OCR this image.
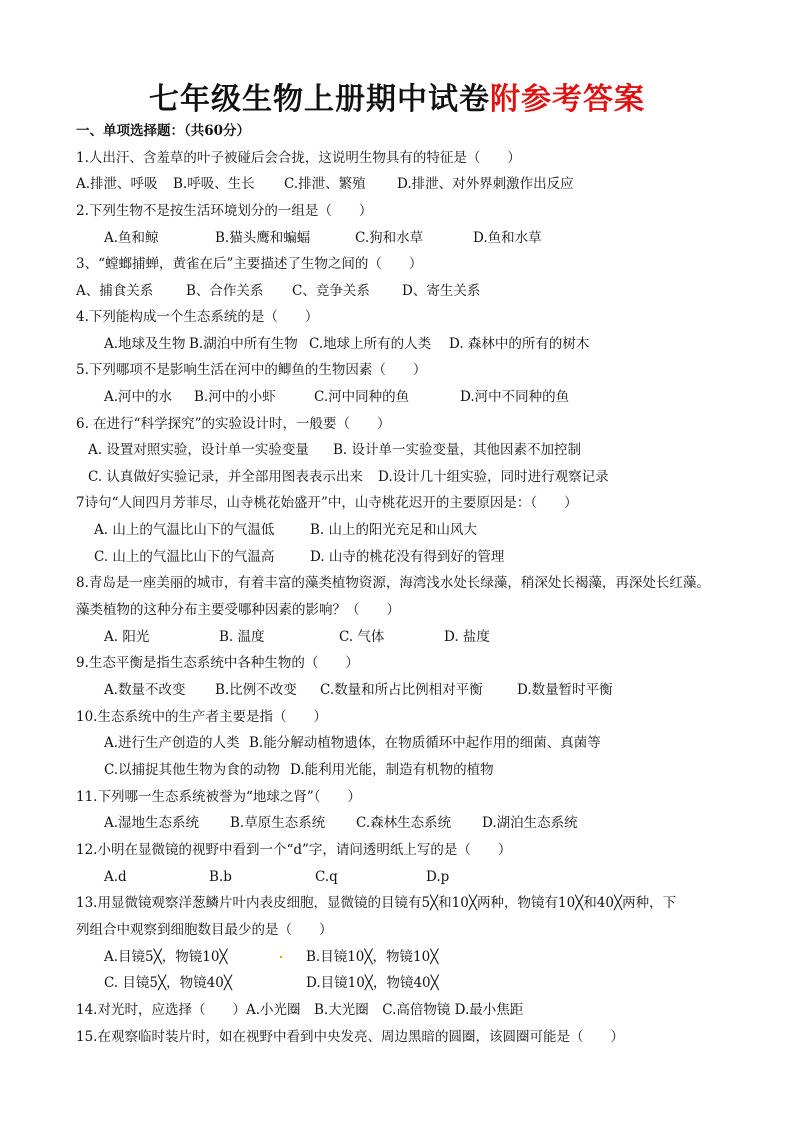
七年级生物上册期中试卷附参考答案
一、单项选择题：（共60分）
1.人出汗、含羞草的叶子被碰后会合拢，这说明生物具有的特征是（　　）
A.排泄、呼吸 B.呼吸、生长 C.排泄、繁殖 D.排泄、对外界刺激作出反应
2.下列生物不是按生活环境划分的一组是（　　）
A.鱼和鲸	B.猫头鹰和蝙蝠	C.狗和水草	D.鱼和水草
3、“螳螂捕蝉，黄雀在后”主要描述了生物之间的（　　）
A、捕食关系 B、合作关系 C、竞争关系 D、寄生关系
4.下列能构成一个生态系统的是（　　）
A.地球及生物 B.湖泊中所有生物 C.地球上所有的人类 D. 森林中的所有的树木
5.下列哪项不是影响生活在河中的鲫鱼的生物因素（　　）
A.河中的水 B.河中的小虾	C.河中同种的鱼	D.河中不同种的鱼
6. 在进行“科学探究”的实验设计时，一般要（　　）
A. 设置对照实验，设计单一实验变量 B. 设计单一实验变量，其他因素不加控制
C. 认真做好实验记录，并全部用图表表示出来 D.设计几十组实验，同时进行观察记录
7诗句“人间四月芳菲尽，山寺桃花始盛开”中，山寺桃花迟开的主要原因是：（　　）
A. 山上的气温比山下的气温低	B. 山上的阳光充足和山风大
C. 山上的气温比山下的气温高	D. 山寺的桃花没有得到好的管理
8.青岛是一座美丽的城市，有着丰富的藻类植物资源，海湾浅水处长绿藻，稍深处长褐藻，再深处长红藻。
藻类植物的这种分布主要受哪种因素的影响？（　　）
A. 阳光	B. 温度	C. 气体	D. 盐度
9.生态平衡是指生态系统中各种生物的（　　）
A.数量不改变 B.比例不改变 C.数量和所占比例相对平衡	D.数量暂时平衡
10.生态系统中的生产者主要是指（　　）
A.进行生产创造的人类 B.能分解动植物遗体，在物质循环中起作用的细菌、真菌等
C.以捕捉其他生物为食的动物 D.能利用光能，制造有机物的植物
11.下列哪一生态系统被誉为“地球之肾”（　　）
A.湿地生态系统 B.草原生态系统 C.森林生态系统 D.湖泊生态系统
12.小明在显微镜的视野中看到一个“d”字，请问透明纸上写的是（　　）
A.d	B.b	C.q	D.p
13.用显微镜观察洋葱鳞片叶内表皮细胞，显微镜的目镜有5╳和10╳两种，物镜有10╳和40╳两种，下
列组合中观察到细胞数目最少的是（　　）
A.目镜5╳，物镜10╳	B.目镜10╳，物镜10╳
C. 目镜5╳，物镜40╳	D.目镜10╳，物镜40╳
14.对光时，应选择（　　）A.小光圈　B.大光圈　C.高倍物镜 D.最小焦距
15.在观察临时装片时，如在视野中看到中央发亮、周边黑暗的圆圈，该圆圈可能是（　　）
